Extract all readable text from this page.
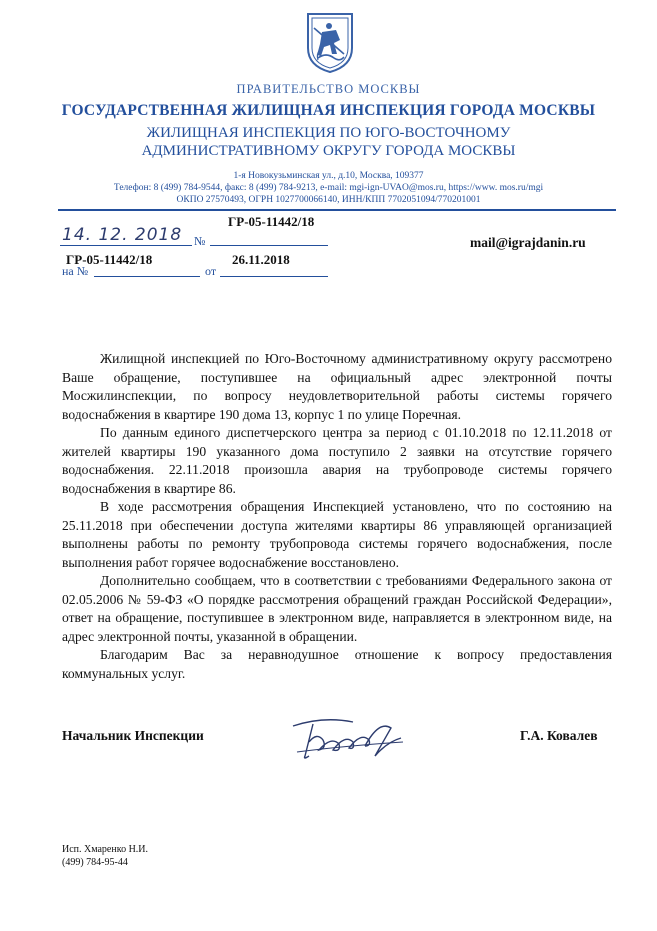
ПРАВИТЕЛЬСТВО МОСКВЫ
ГОСУДАРСТВЕННАЯ ЖИЛИЩНАЯ ИНСПЕКЦИЯ ГОРОДА МОСКВЫ
ЖИЛИЩНАЯ ИНСПЕКЦИЯ ПО ЮГО-ВОСТОЧНОМУ
АДМИНИСТРАТИВНОМУ ОКРУГУ ГОРОДА МОСКВЫ
1-я Новокузьминская ул., д.10, Москва, 109377
Телефон: 8 (499) 784-9544, факс: 8 (499) 784-9213, e-mail: mgi-ign-UVAO@mos.ru, https://www. mos.ru/mgi
ОКПО 27570493, ОГРН 1027700066140, ИНН/КПП 7702051094/770201001
ГР-05-11442/18
14. 12. 2018 №	mail@igrajdanin.ru
ГР-05-11442/18	26.11.2018
на №	от

Жилищной инспекцией по Юго-Восточному административному округу рассмотрено Ваше обращение, поступившее на официальный адрес электронной почты Мосжилинспекции, по вопросу неудовлетворительной работы системы горячего водоснабжения в квартире 190 дома 13, корпус 1 по улице Поречная.

По данным единого диспетчерского центра за период с 01.10.2018 по 12.11.2018 от жителей квартиры 190 указанного дома поступило 2 заявки на отсутствие горячего водоснабжения. 22.11.2018 произошла авария на трубопроводе системы горячего водоснабжения в квартире 86.

В ходе рассмотрения обращения Инспекцией установлено, что по состоянию на 25.11.2018 при обеспечении доступа жителями квартиры 86 управляющей организацией выполнены работы по ремонту трубопровода системы горячего водоснабжения, после выполнения работ горячее водоснабжение восстановлено.

Дополнительно сообщаем, что в соответствии с требованиями Федерального закона от 02.05.2006 № 59-ФЗ «О порядке рассмотрения обращений граждан Российской Федерации», ответ на обращение, поступившее в электронном виде, направляется в электронном виде, на адрес электронной почты, указанной в обращении.

Благодарим Вас за неравнодушное отношение к вопросу предоставления коммунальных услуг.

Начальник Инспекции	Г.А. Ковалев
Исп. Хмаренко Н.И.
(499) 784-95-44
